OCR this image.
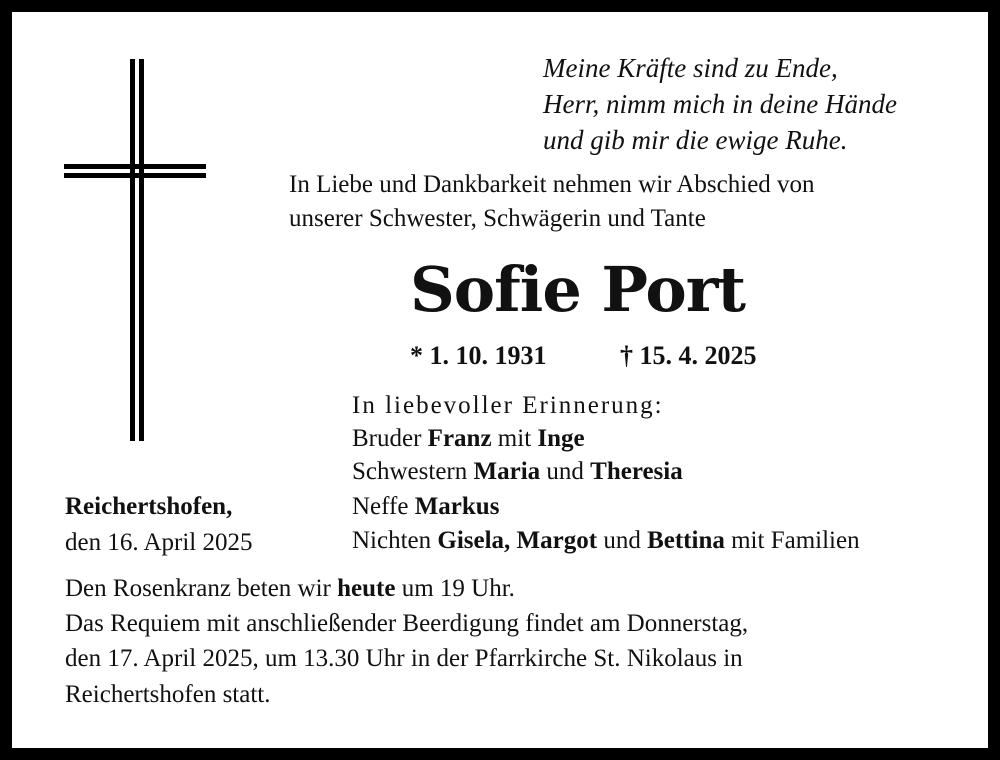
Meine Kräfte sind zu Ende,
Herr, nimm mich in deine Hände
und gib mir die ewige Ruhe.
In Liebe und Dankbarkeit nehmen wir Abschied von
unserer Schwester, Schwägerin und Tante
Sofie Port
* 1. 10. 1931	† 15. 4. 2025
In liebevoller Erinnerung:
Bruder Franz mit Inge
Schwestern Maria und Theresia
Neffe Markus
Nichten Gisela, Margot und Bettina mit Familien
Reichertshofen,
den 16. April 2025
Den Rosenkranz beten wir heute um 19 Uhr.
Das Requiem mit anschließender Beerdigung findet am Donnerstag,
den 17. April 2025, um 13.30 Uhr in der Pfarrkirche St. Nikolaus in
Reichertshofen statt.
